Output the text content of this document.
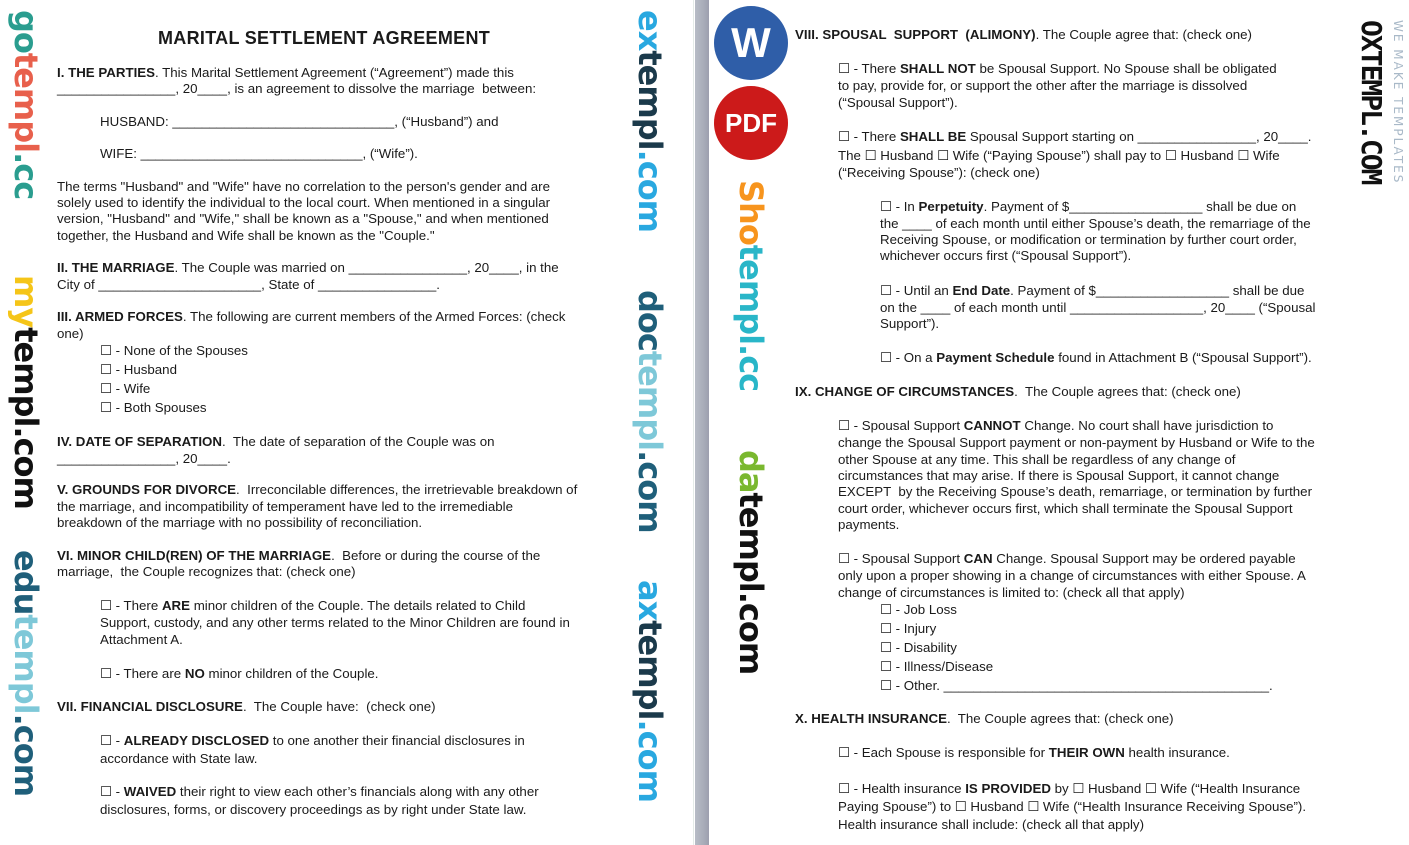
MARITAL SETTLEMENT AGREEMENT
I. THE PARTIES. This Marital Settlement Agreement (“Agreement”) made this
________________, 20____, is an agreement to dissolve the marriage  between:
HUSBAND: ______________________________, (“Husband”) and
WIFE: ______________________________, (“Wife”).
The terms "Husband" and "Wife" have no correlation to the person's gender and are
solely used to identify the individual to the local court. When mentioned in a singular
version, "Husband" and "Wife," shall be known as a "Spouse," and when mentioned
together, the Husband and Wife shall be known as the "Couple."
II. THE MARRIAGE. The Couple was married on ________________, 20____, in the
City of ______________________, State of ________________.
III. ARMED FORCES. The following are current members of the Armed Forces: (check
one)
☐ - None of the Spouses
☐ - Husband
☐ - Wife
☐ - Both Spouses
IV. DATE OF SEPARATION.  The date of separation of the Couple was on
________________, 20____.
V. GROUNDS FOR DIVORCE.  Irreconcilable differences, the irretrievable breakdown of
the marriage, and incompatibility of temperament have led to the irremediable
breakdown of the marriage with no possibility of reconciliation.
VI. MINOR CHILD(REN) OF THE MARRIAGE.  Before or during the course of the
marriage,  the Couple recognizes that: (check one)
☐ - There ARE minor children of the Couple. The details related to Child
Support, custody, and any other terms related to the Minor Children are found in
Attachment A.
☐ - There are NO minor children of the Couple.
VII. FINANCIAL DISCLOSURE.  The Couple have:  (check one)
☐ - ALREADY DISCLOSED to one another their financial disclosures in
accordance with State law.
☐ - WAIVED their right to view each other’s financials along with any other
disclosures, forms, or discovery proceedings as by right under State law.
VIII. SPOUSAL  SUPPORT  (ALIMONY). The Couple agree that: (check one)
☐ - There SHALL NOT be Spousal Support. No Spouse shall be obligated
to pay, provide for, or support the other after the marriage is dissolved
(“Spousal Support”).
☐ - There SHALL BE Spousal Support starting on ________________, 20____.
The ☐ Husband ☐ Wife (“Paying Spouse”) shall pay to ☐ Husband ☐ Wife
(“Receiving Spouse”): (check one)
☐ - In Perpetuity. Payment of $__________________ shall be due on
the ____ of each month until either Spouse’s death, the remarriage of the
Receiving Spouse, or modification or termination by further court order,
whichever occurs first (“Spousal Support”).
☐ - Until an End Date. Payment of $__________________ shall be due
on the ____ of each month until __________________, 20____ (“Spousal
Support”).
☐ - On a Payment Schedule found in Attachment B (“Spousal Support”).
IX. CHANGE OF CIRCUMSTANCES.  The Couple agrees that: (check one)
☐ - Spousal Support CANNOT Change. No court shall have jurisdiction to
change the Spousal Support payment or non-payment by Husband or Wife to the
other Spouse at any time. This shall be regardless of any change of
circumstances that may arise. If there is Spousal Support, it cannot change
EXCEPT  by the Receiving Spouse’s death, remarriage, or termination by further
court order, whichever occurs first, which shall terminate the Spousal Support
payments.
☐ - Spousal Support CAN Change. Spousal Support may be ordered payable
only upon a proper showing in a change of circumstances with either Spouse. A
change of circumstances is limited to: (check all that apply)
☐ - Job Loss
☐ - Injury
☐ - Disability
☐ - Illness/Disease
☐ - Other. ____________________________________________.
X. HEALTH INSURANCE.  The Couple agrees that: (check one)
☐ - Each Spouse is responsible for THEIR OWN health insurance.
☐ - Health insurance IS PROVIDED by ☐ Husband ☐ Wife (“Health Insurance
Paying Spouse”) to ☐ Husband ☐ Wife (“Health Insurance Receiving Spouse”).
Health insurance shall include: (check all that apply)
W
PDF
gotempl.cc
mytempl.com
edutempl.com
extempl.com
doctempl.com
axtempl.com
Shotempl.cc
datempl.com
OXTEMPL.COM WE MAKE TEMPLATES
